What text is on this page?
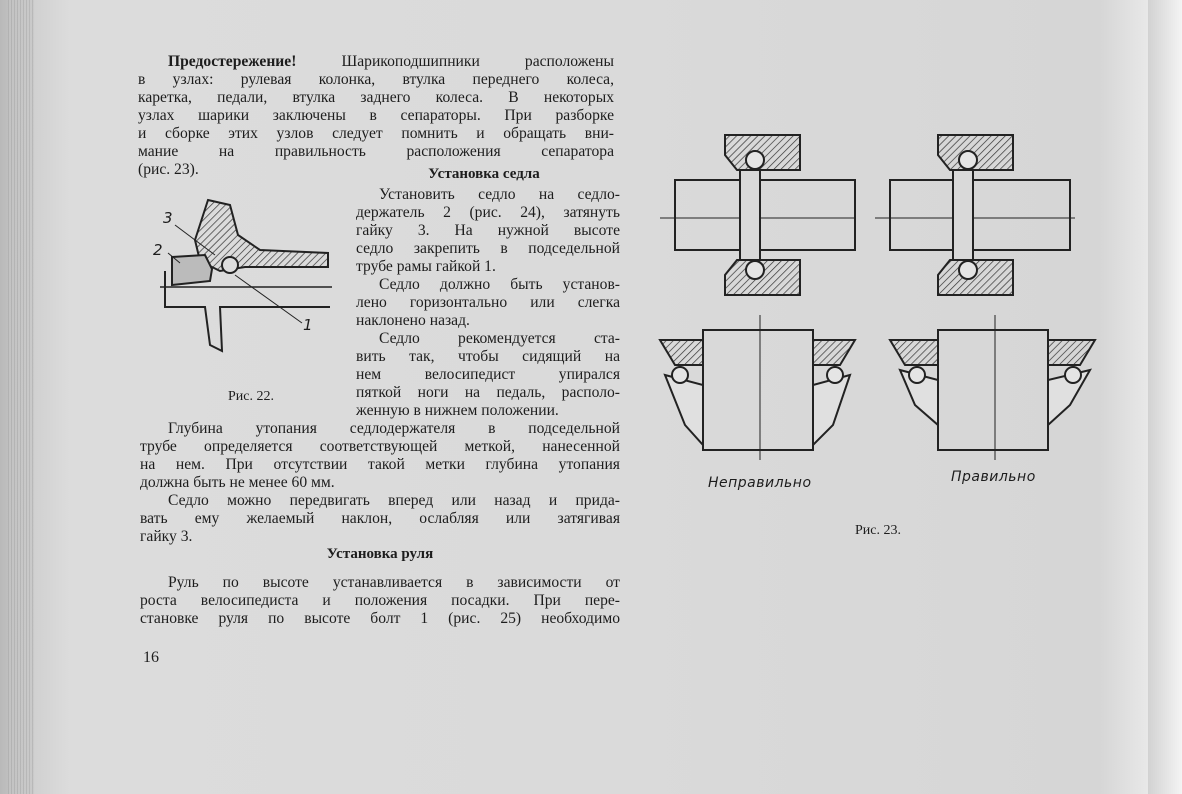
Предостережение!	Шарикоподшипники расположены
в узлах: рулевая колонка, втулка переднего колеса,
каретка, педали, втулка заднего колеса. В некоторых
узлах шарики заключены в сепараторы. При разборке
и сборке этих узлов следует помнить и обращать вни-
мание на правильность расположения сепаратора
(рис. 23).	Установка седла
Установить седло на седло-
держатель 2 (рис. 24), затянуть
гайку 3. На нужной высоте
седло закрепить в подседельной
трубе рамы гайкой 1.
Седло должно быть установ-
лено горизонтально или слегка
наклонено назад.
Седло рекомендуется ста-
вить так, чтобы сидящий на
нем велосипедист упирался
пяткой ноги на педаль, располо-
женную в нижнем положении.
Глубина утопания седлодержателя в подседельной
трубе определяется соответствующей меткой, нанесенной
на нем. При отсутствии такой метки глубина утопания
должна быть не менее 60 мм.
Седло можно передвигать вперед или назад и прида-
вать ему желаемый наклон, ослабляя или затягивая
гайку 3.
Установка руля
Руль по высоте устанавливается в зависимости от
роста велосипедиста и положения посадки. При пере-
становке руля по высоте болт 1 (рис. 25) необходимо
16
3
2
1
Рис. 22.
Неправильно	Правильно
Рис. 23.
